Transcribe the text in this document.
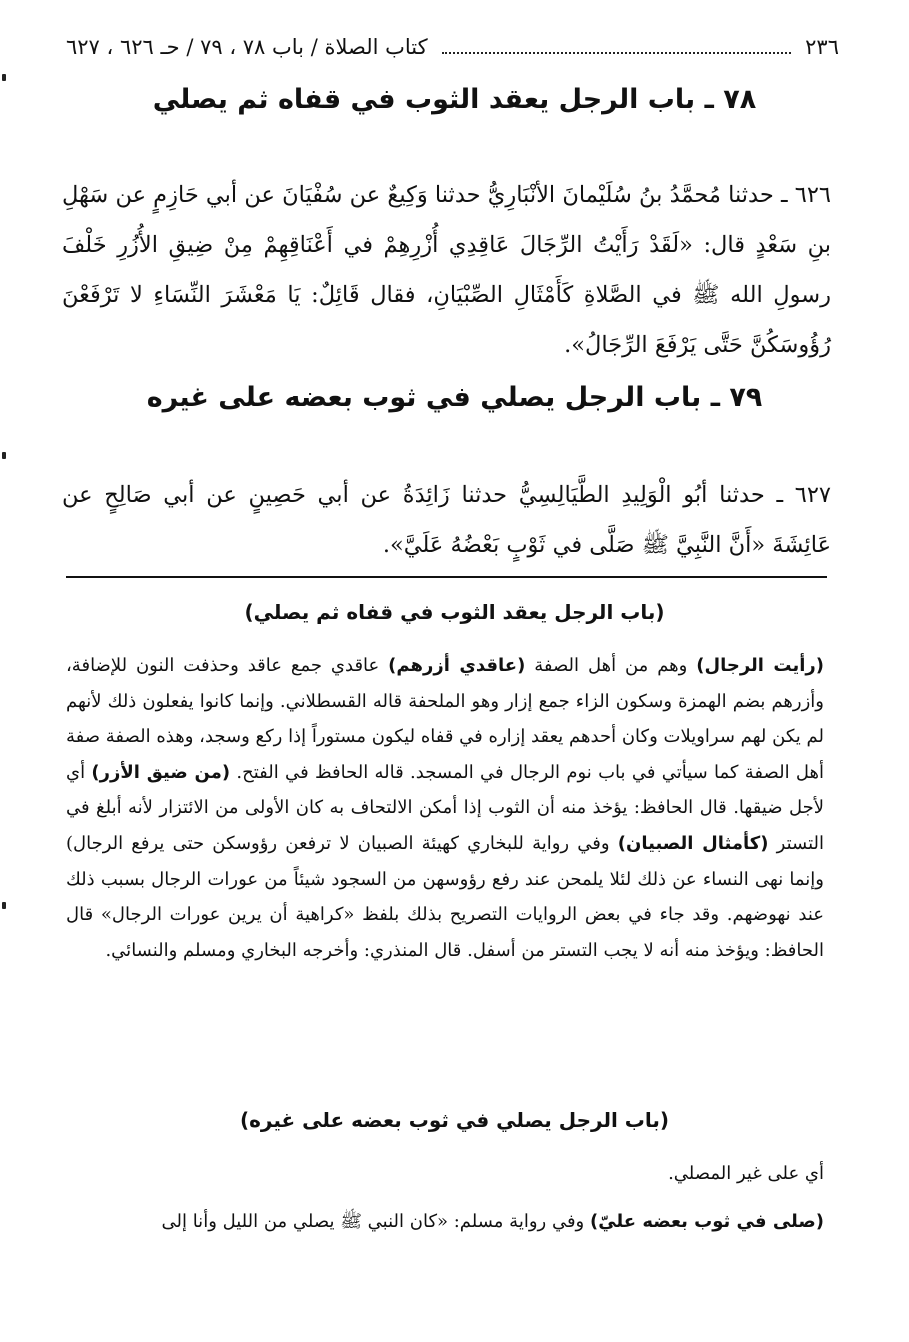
٢٣٦
كتاب الصلاة / باب ٧٨ ، ٧٩ / حـ ٦٢٦ ، ٦٢٧
٧٨ ـ باب الرجل يعقد الثوب في قفاه ثم يصلي
٦٢٦ ـ حدثنا مُحمَّدُ بنُ سُلَيْمانَ الأنْبَارِيُّ حدثنا وَكِيعٌ عن سُفْيَانَ عن أبي حَازِمٍ عن سَهْلِ بنِ سَعْدٍ قال: «لَقَدْ رَأَيْتُ الرِّجَالَ عَاقِدِي أُزْرِهِمْ في أَعْنَاقِهِمْ مِنْ ضِيقِ الأُزُرِ خَلْفَ رسولِ الله ﷺ في الصَّلاةِ كَأَمْثَالِ الصِّبْيَانِ، فقال قَائِلٌ: يَا مَعْشَرَ النِّسَاءِ لا تَرْفَعْنَ رُؤُوسَكُنَّ حَتَّى يَرْفَعَ الرِّجَالُ».
٧٩ ـ باب الرجل يصلي في ثوب بعضه على غيره
٦٢٧ ـ حدثنا أبُو الْوَلِيدِ الطَّيَالِسِيُّ حدثنا زَائِدَةُ عن أبي حَصِينٍ عن أبي صَالِحٍ عن عَائِشَةَ «أَنَّ النَّبِيَّ ﷺ صَلَّى في ثَوْبٍ بَعْضُهُ عَلَيَّ».
(باب الرجل يعقد الثوب في قفاه ثم يصلي)
(رأيت الرجال) وهم من أهل الصفة (عاقدي أزرهم) عاقدي جمع عاقد وحذفت النون للإضافة، وأزرهم بضم الهمزة وسكون الزاء جمع إزار وهو الملحفة قاله القسطلاني. وإنما كانوا يفعلون ذلك لأنهم لم يكن لهم سراويلات وكان أحدهم يعقد إزاره في قفاه ليكون مستوراً إذا ركع وسجد، وهذه الصفة صفة أهل الصفة كما سيأتي في باب نوم الرجال في المسجد. قاله الحافظ في الفتح. (من ضيق الأزر) أي لأجل ضيقها. قال الحافظ: يؤخذ منه أن الثوب إذا أمكن الالتحاف به كان الأولى من الائتزار لأنه أبلغ في التستر (كأمثال الصبيان) وفي رواية للبخاري كهيئة الصبيان لا ترفعن رؤوسكن حتى يرفع الرجال) وإنما نهى النساء عن ذلك لئلا يلمحن عند رفع رؤوسهن من السجود شيئاً من عورات الرجال بسبب ذلك عند نهوضهم. وقد جاء في بعض الروايات التصريح بذلك بلفظ «كراهية أن يرين عورات الرجال» قال الحافظ: ويؤخذ منه أنه لا يجب التستر من أسفل. قال المنذري: وأخرجه البخاري ومسلم والنسائي.
(باب الرجل يصلي في ثوب بعضه على غيره)
أي على غير المصلي.
(صلى في ثوب بعضه عليّ) وفي رواية مسلم: «كان النبي ﷺ يصلي من الليل وأنا إلى
